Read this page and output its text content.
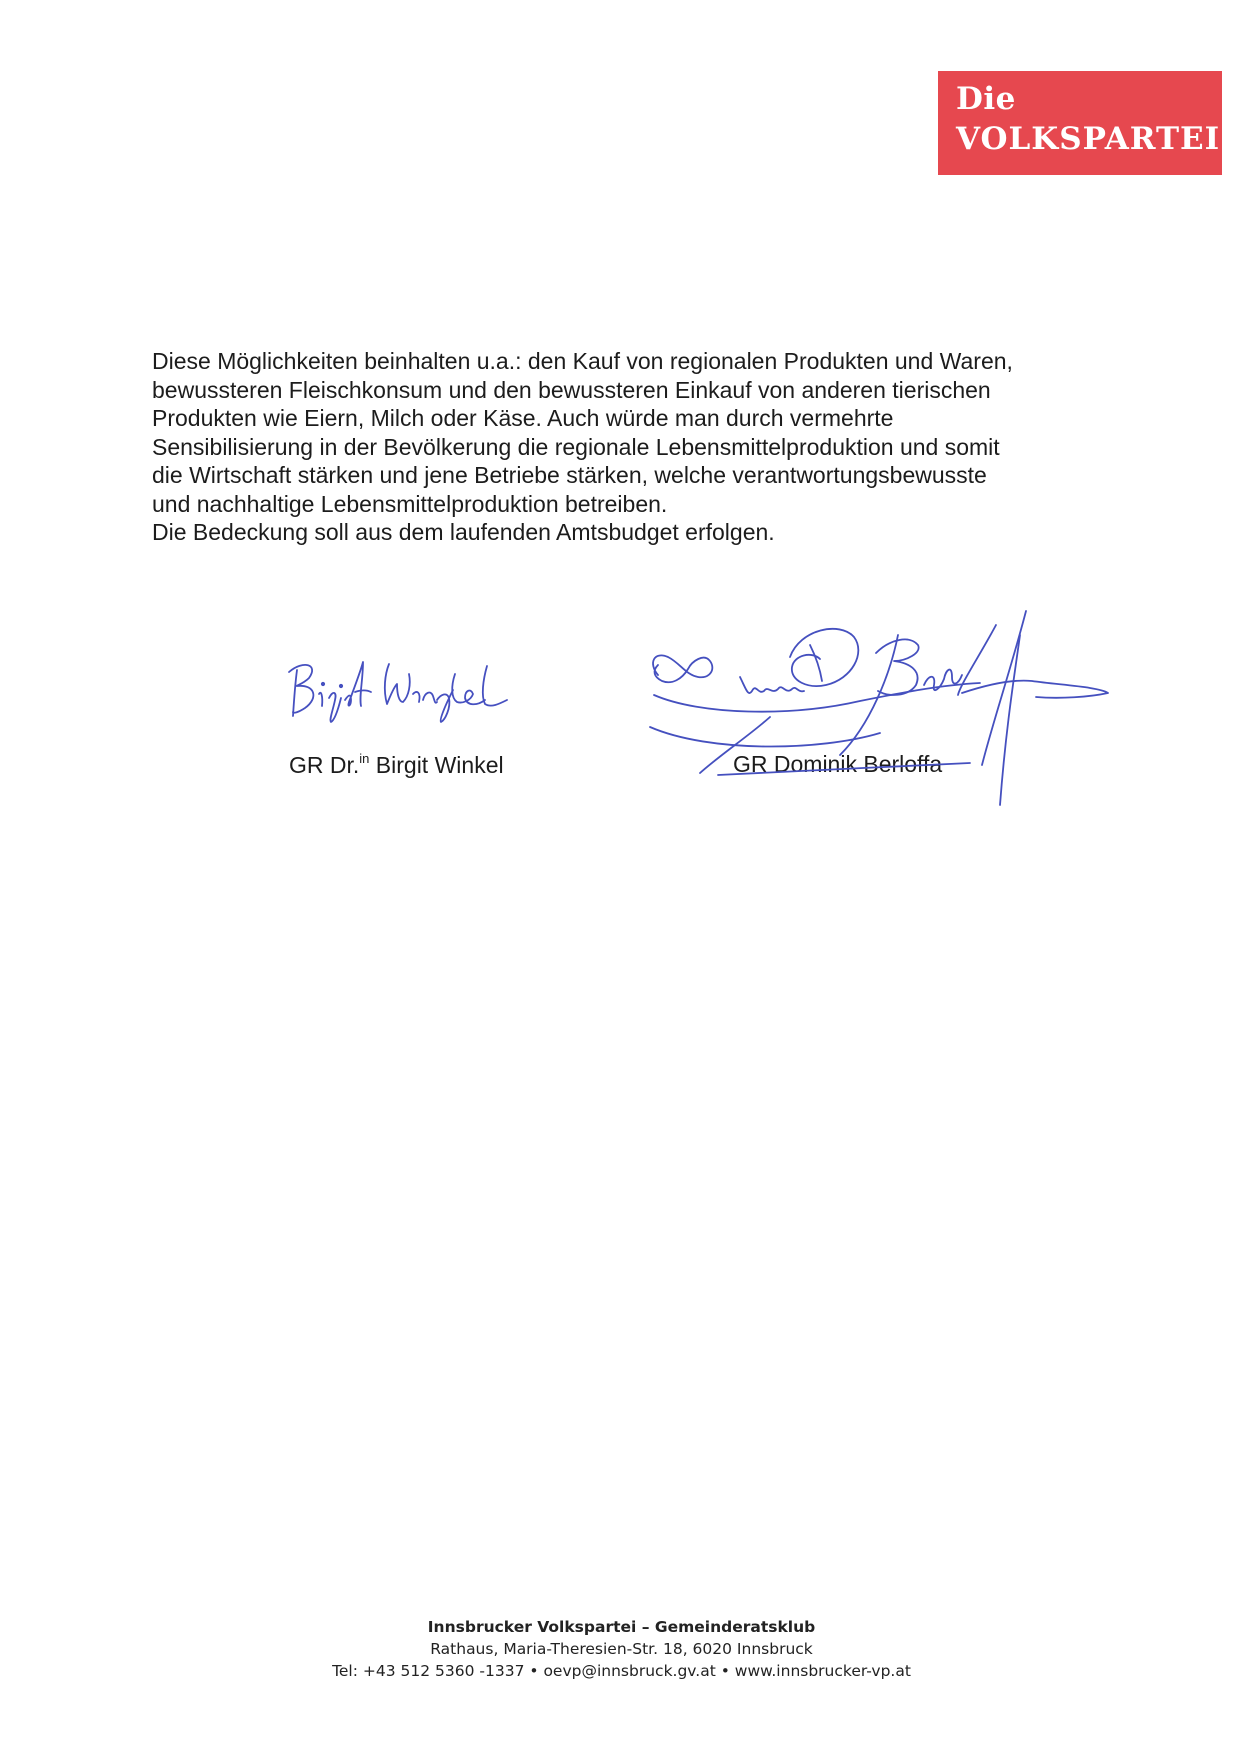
Die
VOLKSPARTEI
Diese Möglichkeiten beinhalten u.a.: den Kauf von regionalen Produkten und Waren,
bewussteren Fleischkonsum und den bewussteren Einkauf von anderen tierischen
Produkten wie Eiern, Milch oder Käse. Auch würde man durch vermehrte
Sensibilisierung in der Bevölkerung die regionale Lebensmittelproduktion und somit
die Wirtschaft stärken und jene Betriebe stärken, welche verantwortungsbewusste
und nachhaltige Lebensmittelproduktion betreiben.
Die Bedeckung soll aus dem laufenden Amtsbudget erfolgen.
GR Dr.$^{in}$ Birgit Winkel	GR Dominik Berloffa
Innsbrucker Volkspartei – Gemeinderatsklub
Rathaus, Maria-Theresien-Str. 18, 6020 Innsbruck
Tel: +43 512 5360 -1337 • oevp@innsbruck.gv.at • www.innsbrucker-vp.at
